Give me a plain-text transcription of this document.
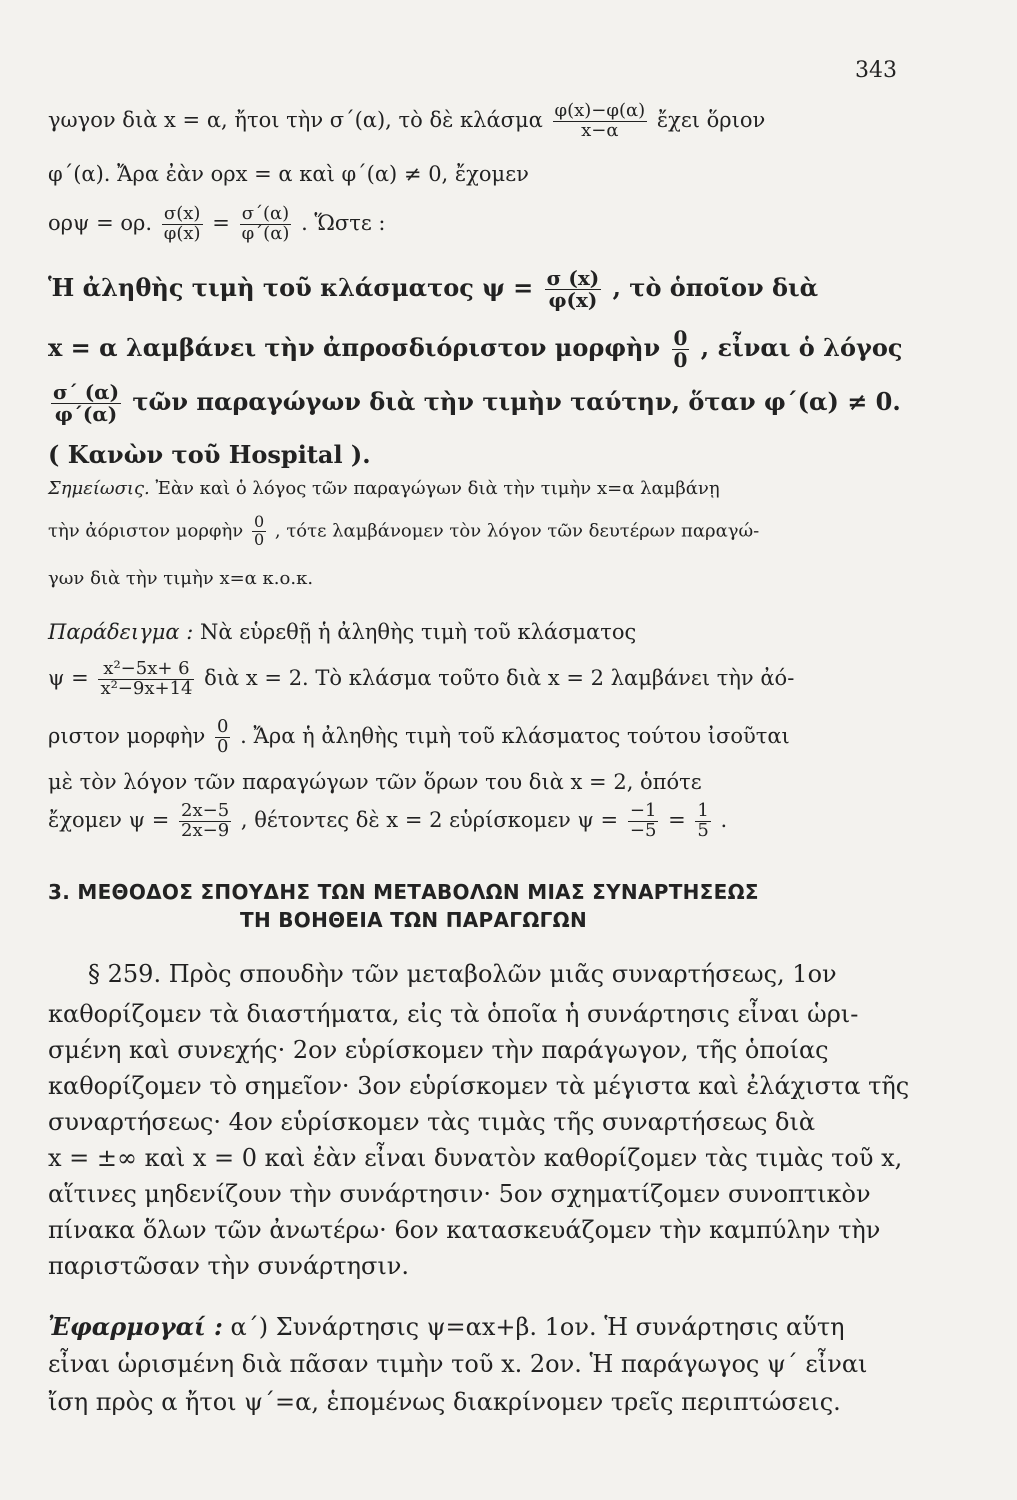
343
γωγον διὰ x = α, ἤτοι τὴν σ΄(α), τὸ δὲ κλάσμα $\frac{\varphi(x)-\varphi(\alpha)}{x-\alpha}$ ἔχει ὅριον
φ΄(α). Ἄρα ἐὰν ορx = α καὶ φ΄(α) ≠ 0, ἔχομεν
ορψ = ορ. $\frac{\sigma(x)}{\varphi(x)} = \frac{\sigma΄(\alpha)}{\varphi΄(\alpha)}$ . Ὥστε :
Ἡ ἀληθὴς τιμὴ τοῦ κλάσματος $\psi = \frac{\sigma (x)}{\varphi(x)}$ , τὸ ὁποῖον διὰ
x = α λαμβάνει τὴν ἀπροσδιόριστον μορφὴν $\frac{0}{0}$ , εἶναι ὁ λόγος
$\frac{\sigma΄ (\alpha)}{\varphi΄(\alpha)}$ τῶν παραγώγων διὰ τὴν τιμὴν ταύτην, ὅταν φ΄(α) ≠ 0.
( Κανὼν τοῦ Hospital ).
Σημείωσις. Ἐὰν καὶ ὁ λόγος τῶν παραγώγων διὰ τὴν τιμὴν x=α λαμβάνῃ
τὴν ἀόριστον μορφὴν $\frac{0}{0}$ , τότε λαμβάνομεν τὸν λόγον τῶν δευτέρων παραγώ-
γων διὰ τὴν τιμὴν x=α κ.ο.κ.
Παράδειγμα : Νὰ εὑρεθῇ ἡ ἀληθὴς τιμὴ τοῦ κλάσματος
$\psi = \frac{\text{x²−5x+ 6}}{\text{x²−9x+14}}$ διὰ x = 2. Τὸ κλάσμα τοῦτο διὰ x = 2 λαμβάνει τὴν ἀό-
ριστον μορφὴν $\frac{0}{0}$ . Ἄρα ἡ ἀληθὴς τιμὴ τοῦ κλάσματος τούτου ἰσοῦται
μὲ τὸν λόγον τῶν παραγώγων τῶν ὅρων του διὰ x = 2, ὁπότε
ἔχομεν $\psi = \frac{2x-5}{2x-9}$ , θέτοντες δὲ x = 2 εὑρίσκομεν $\psi = \frac{-1}{-5} = \frac{1}{5}$ .
3. ΜΕΘΟΔΟΣ ΣΠΟΥΔΗΣ ΤΩΝ ΜΕΤΑΒΟΛΩΝ ΜΙΑΣ ΣΥΝΑΡΤΗΣΕΩΣ
ΤΗ ΒΟΗΘΕΙΑ ΤΩΝ ΠΑΡΑΓΩΓΩΝ
§ 259. Πρὸς σπουδὴν τῶν μεταβολῶν μιᾶς συναρτήσεως, 1ον
καθορίζομεν τὰ διαστήματα, εἰς τὰ ὁποῖα ἡ συνάρτησις εἶναι ὡρι-
σμένη καὶ συνεχής· 2ον εὑρίσκομεν τὴν παράγωγον, τῆς ὁποίας
καθορίζομεν τὸ σημεῖον· 3ον εὑρίσκομεν τὰ μέγιστα καὶ ἐλάχιστα τῆς
συναρτήσεως· 4ον εὑρίσκομεν τὰς τιμὰς τῆς συναρτήσεως διὰ
x = ±∞ καὶ x = 0 καὶ ἐὰν εἶναι δυνατὸν καθορίζομεν τὰς τιμὰς τοῦ x,
αἵτινες μηδενίζουν τὴν συνάρτησιν· 5ον σχηματίζομεν συνοπτικὸν
πίνακα ὅλων τῶν ἀνωτέρω· 6ον κατασκευάζομεν τὴν καμπύλην τὴν
παριστῶσαν τὴν συνάρτησιν.
Ἐφαρμογαί : α΄) Συνάρτησις ψ=αx+β. 1ον. Ἡ συνάρτησις αὕτη
εἶναι ὡρισμένη διὰ πᾶσαν τιμὴν τοῦ x. 2ον. Ἡ παράγωγος ψ΄ εἶναι
ἴση πρὸς α ἤτοι ψ΄=α, ἑπομένως διακρίνομεν τρεῖς περιπτώσεις.
